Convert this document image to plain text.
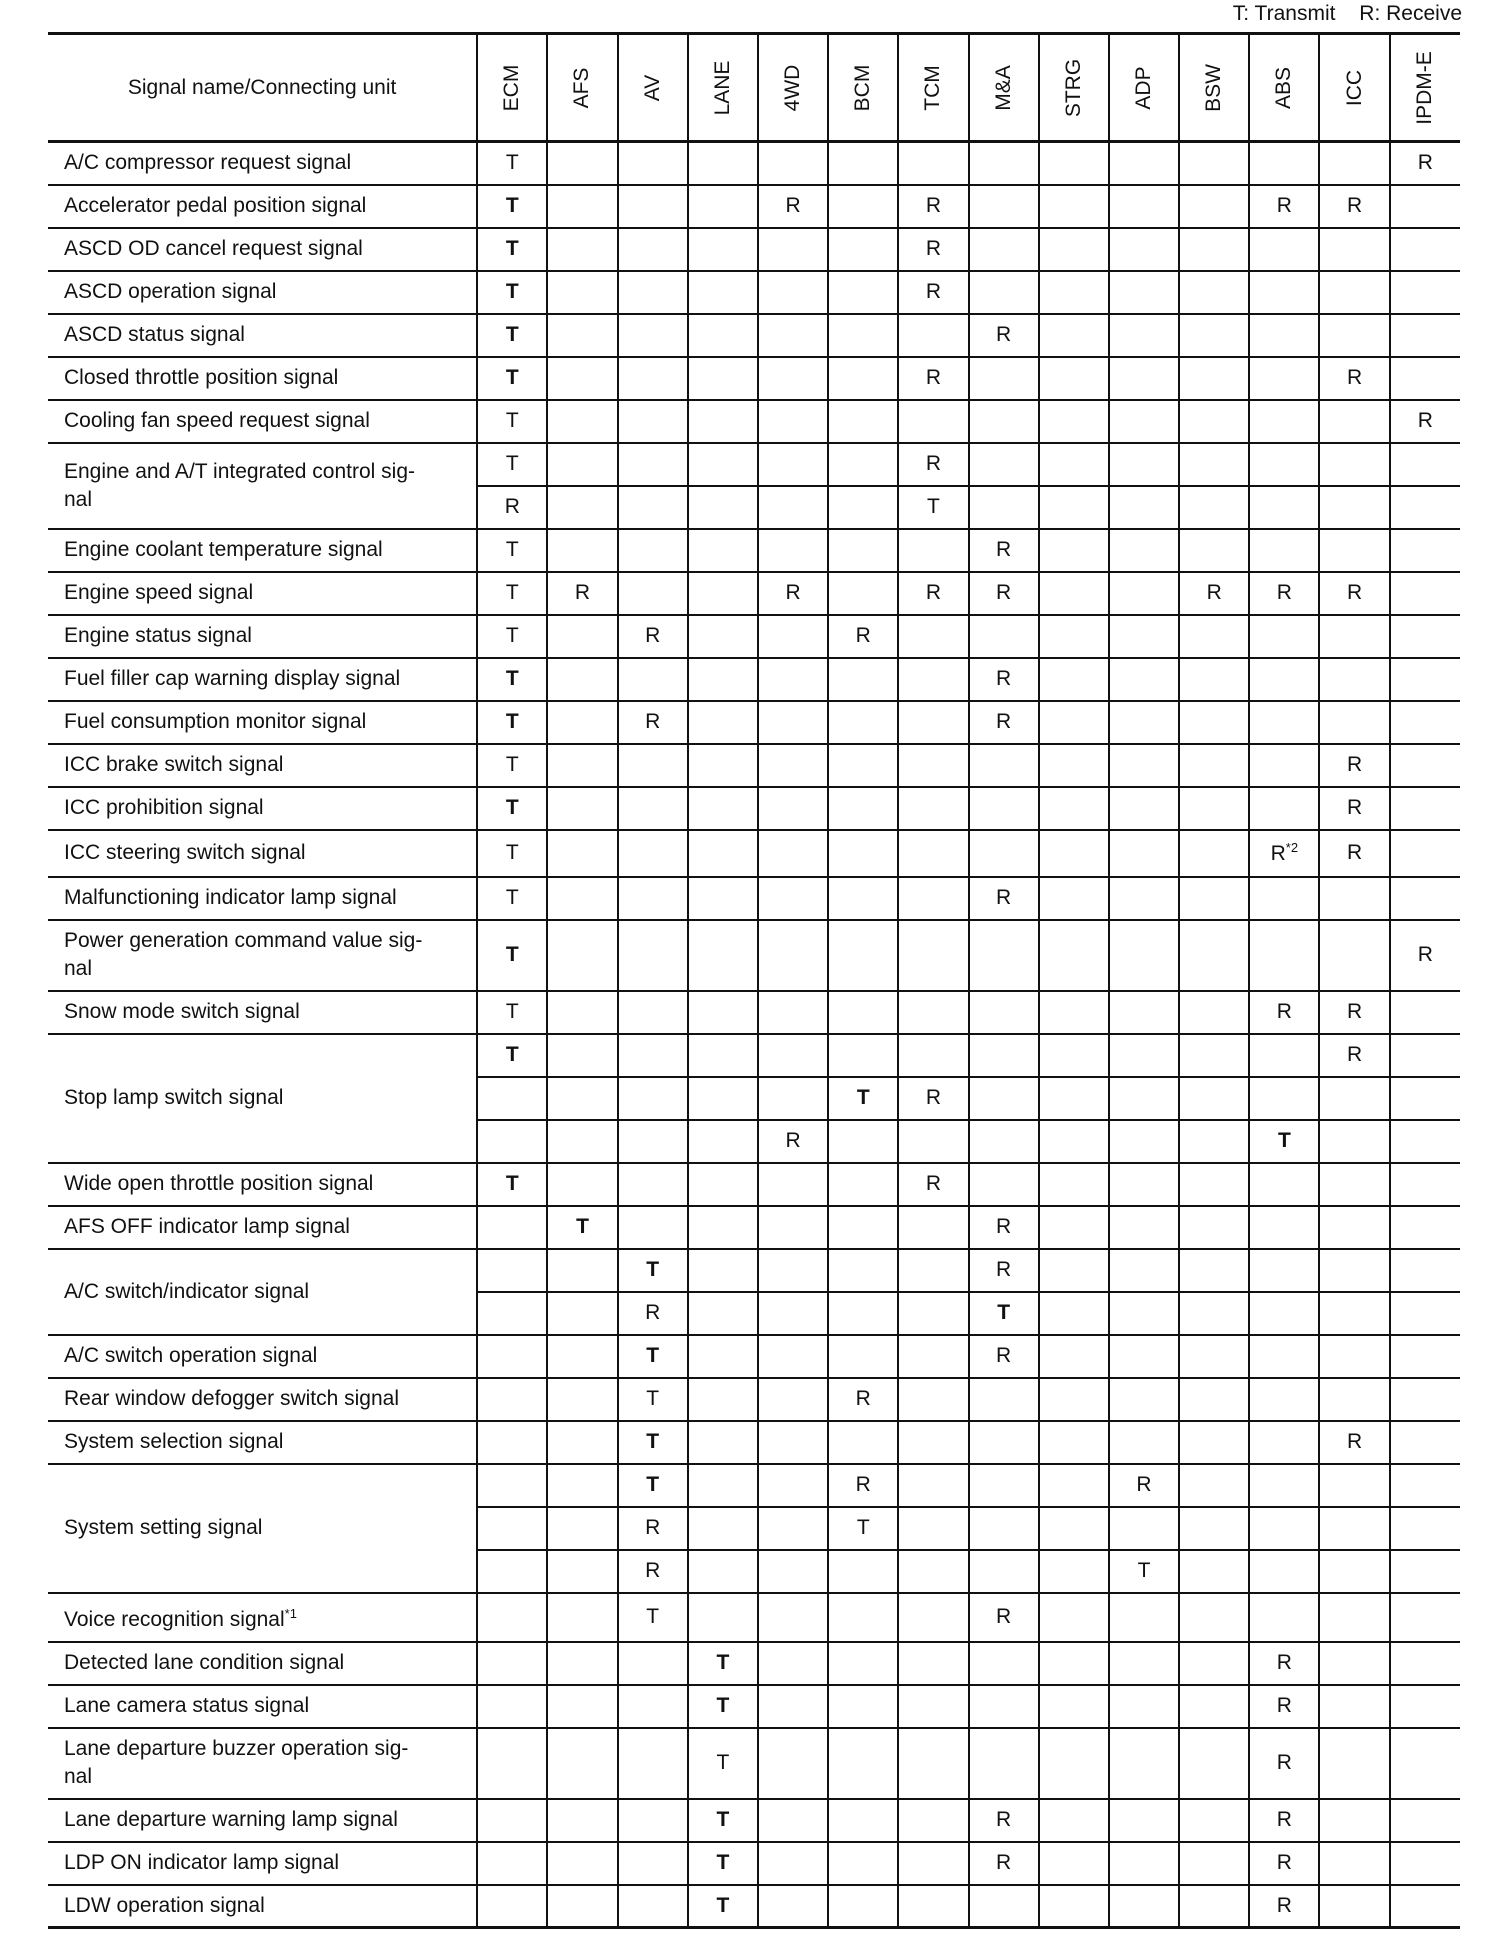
T: Transmit R: Receive
Signal name/Connecting unit	ECM	AFS	AV	LANE	4WD	BCM	TCM	M&A	STRG	ADP	BSW	ABS	ICC	IPDM-E

A/C compressor request signal	T													R
Accelerator pedal position signal	T				R		R					R	R	
ASCD OD cancel request signal	T						R							
ASCD operation signal	T						R							
ASCD status signal	T							R						
Closed throttle position signal	T						R						R	
Cooling fan speed request signal	T													R
Engine and A/T integrated control sig-
nal	T						R							
	R						T							
Engine coolant temperature signal	T							R						
Engine speed signal	T	R			R		R	R			R	R	R	
Engine status signal	T		R			R								
Fuel filler cap warning display signal	T							R						
Fuel consumption monitor signal	T		R					R						
ICC brake switch signal	T												R	
ICC prohibition signal	T												R	
ICC steering switch signal	T											$R^{*2}$	R	
Malfunctioning indicator lamp signal	T							R						
Power generation command value sig-
nal	T													R
Snow mode switch signal	T											R	R	
Stop lamp switch signal	T												R	
						T	R							
					R							T		
Wide open throttle position signal	T						R							
AFS OFF indicator lamp signal		T						R						
A/C switch/indicator signal			T					R						
			R					T						
A/C switch operation signal			T					R						
Rear window defogger switch signal			T			R								
System selection signal			T										R	
System setting signal			T			R				R				
			R			T								
			R							T				
Voice recognition signal$^{*1}$			T					R						
Detected lane condition signal				T								R		
Lane camera status signal				T								R		
Lane departure buzzer operation sig-
nal				T								R		
Lane departure warning lamp signal				T				R				R		
LDP ON indicator lamp signal				T				R				R		
LDW operation signal				T								R		
